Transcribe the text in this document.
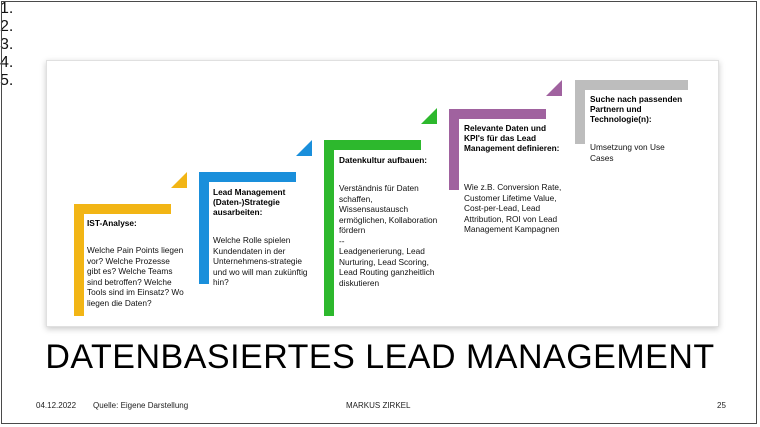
1.
IST-Analyse:
Welche Pain Points liegen vor? Welche Prozesse gibt es? Welche Teams sind betroffen? Welche Tools sind im Einsatz? Wo liegen die Daten?
2.
Lead Management (Daten-)Strategie ausarbeiten:
Welche Rolle spielen Kundendaten in der Unternehmens-strategie und wo will man zukünftig hin?
3.
Datenkultur aufbauen:
Verständnis für Daten schaffen, Wissensaustausch ermöglichen, Kollaboration fördern
--
Leadgenerierung, Lead Nurturing, Lead Scoring, Lead Routing ganzheitlich diskutieren
4.
Relevante Daten und KPI's für das Lead Management definieren:
Wie z.B. Conversion Rate, Customer Lifetime Value, Cost-per-Lead, Lead Attribution, ROI von Lead Management Kampagnen
5.
Suche nach passenden Partnern und Technologie(n):
Umsetzung von Use Cases
DATENBASIERTES LEAD MANAGEMENT
04.12.2022 Quelle: Eigene Darstellung	MARKUS ZIRKEL	25
